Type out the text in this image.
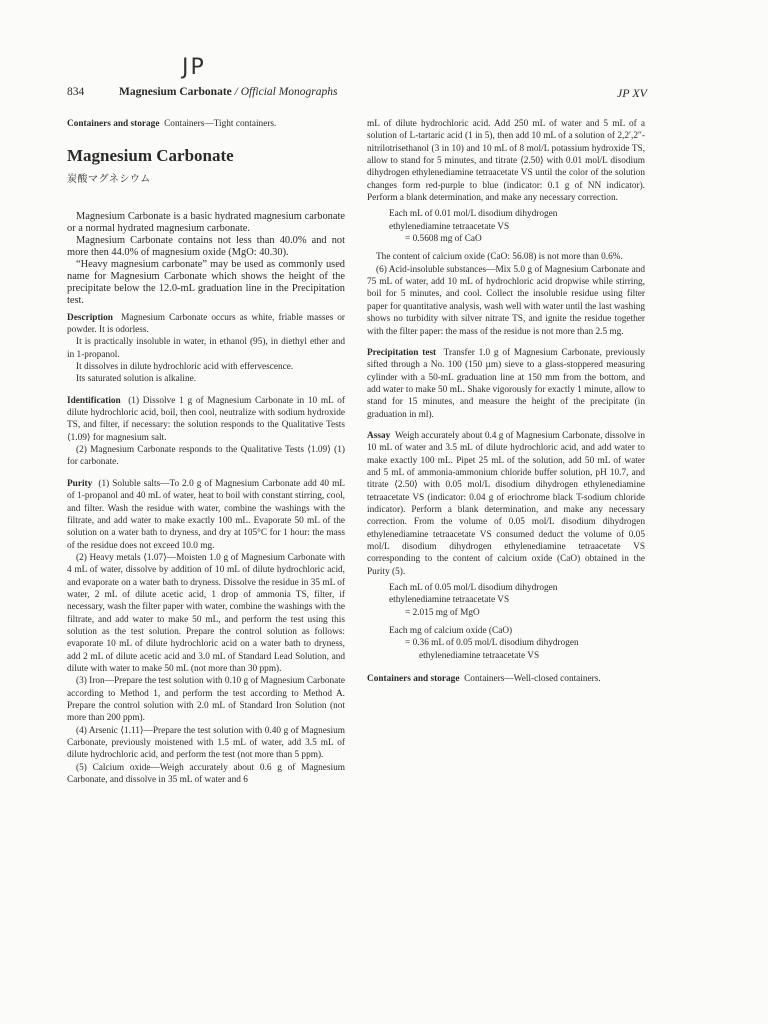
JP
834	Magnesium Carbonate / Official Monographs	JP XV

Containers and storage Containers—Tight containers.

Magnesium Carbonate
炭酸マグネシウム

Magnesium Carbonate is a basic hydrated magnesium carbonate or a normal hydrated magnesium carbonate.

Magnesium Carbonate contains not less than 40.0% and not more then 44.0% of magnesium oxide (MgO: 40.30).

“Heavy magnesium carbonate” may be used as commonly used name for Magnesium Carbonate which shows the height of the precipitate below the 12.0-mL graduation line in the Precipitation test.

Description Magnesium Carbonate occurs as white, friable masses or powder. It is odorless.

It is practically insoluble in water, in ethanol (95), in diethyl ether and in 1-propanol.

It dissolves in dilute hydrochloric acid with effervescence.

Its saturated solution is alkaline.

Identification (1) Dissolve 1 g of Magnesium Carbonate in 10 mL of dilute hydrochloric acid, boil, then cool, neutralize with sodium hydroxide TS, and filter, if necessary: the solution responds to the Qualitative Tests ⟨1.09⟩ for magnesium salt.

(2) Magnesium Carbonate responds to the Qualitative Tests ⟨1.09⟩ (1) for carbonate.

Purity (1) Soluble salts—To 2.0 g of Magnesium Carbonate add 40 mL of 1-propanol and 40 mL of water, heat to boil with constant stirring, cool, and filter. Wash the residue with water, combine the washings with the filtrate, and add water to make exactly 100 mL. Evaporate 50 mL of the solution on a water bath to dryness, and dry at 105°C for 1 hour: the mass of the residue does not exceed 10.0 mg.

(2) Heavy metals ⟨1.07⟩—Moisten 1.0 g of Magnesium Carbonate with 4 mL of water, dissolve by addition of 10 mL of dilute hydrochloric acid, and evaporate on a water bath to dryness. Dissolve the residue in 35 mL of water, 2 mL of dilute acetic acid, 1 drop of ammonia TS, filter, if necessary, wash the filter paper with water, combine the washings with the filtrate, and add water to make 50 mL, and perform the test using this solution as the test solution. Prepare the control solution as follows: evaporate 10 mL of dilute hydrochloric acid on a water bath to dryness, add 2 mL of dilute acetic acid and 3.0 mL of Standard Lead Solution, and dilute with water to make 50 mL (not more than 30 ppm).

(3) Iron—Prepare the test solution with 0.10 g of Magnesium Carbonate according to Method 1, and perform the test according to Method A. Prepare the control solution with 2.0 mL of Standard Iron Solution (not more than 200 ppm).

(4) Arsenic ⟨1.11⟩—Prepare the test solution with 0.40 g of Magnesium Carbonate, previously moistened with 1.5 mL of water, add 3.5 mL of dilute hydrochloric acid, and perform the test (not more than 5 ppm).

(5) Calcium oxide—Weigh accurately about 0.6 g of Magnesium Carbonate, and dissolve in 35 mL of water and 6

mL of dilute hydrochloric acid. Add 250 mL of water and 5 mL of a solution of L-tartaric acid (1 in 5), then add 10 mL of a solution of 2,2′,2″-nitrilotrisethanol (3 in 10) and 10 mL of 8 mol/L potassium hydroxide TS, allow to stand for 5 minutes, and titrate ⟨2.50⟩ with 0.01 mol/L disodium dihydrogen ethylenediamine tetraacetate VS until the color of the solution changes form red-purple to blue (indicator: 0.1 g of NN indicator). Perform a blank determination, and make any necessary correction.

Each mL of 0.01 mol/L disodium dihydrogen
ethylenediamine tetraacetate VS
= 0.5608 mg of CaO

The content of calcium oxide (CaO: 56.08) is not more than 0.6%.

(6) Acid-insoluble substances—Mix 5.0 g of Magnesium Carbonate and 75 mL of water, add 10 mL of hydrochloric acid dropwise while stirring, boil for 5 minutes, and cool. Collect the insoluble residue using filter paper for quantitative analysis, wash well with water until the last washing shows no turbidity with silver nitrate TS, and ignite the residue together with the filter paper: the mass of the residue is not more than 2.5 mg.

Precipitation test Transfer 1.0 g of Magnesium Carbonate, previously sifted through a No. 100 (150 µm) sieve to a glass-stoppered measuring cylinder with a 50-mL graduation line at 150 mm from the bottom, and add water to make 50 mL. Shake vigorously for exactly 1 minute, allow to stand for 15 minutes, and measure the height of the precipitate (in graduation in ml).

Assay Weigh accurately about 0.4 g of Magnesium Carbonate, dissolve in 10 mL of water and 3.5 mL of dilute hydrochloric acid, and add water to make exactly 100 mL. Pipet 25 mL of the solution, add 50 mL of water and 5 mL of ammonia-ammonium chloride buffer solution, pH 10.7, and titrate ⟨2.50⟩ with 0.05 mol/L disodium dihydrogen ethylenediamine tetraacetate VS (indicator: 0.04 g of eriochrome black T-sodium chloride indicator). Perform a blank determination, and make any necessary correction. From the volume of 0.05 mol/L disodium dihydrogen ethylenediamine tetraacetate VS consumed deduct the volume of 0.05 mol/L disodium dihydrogen ethylenediamine tetraacetate VS corresponding to the content of calcium oxide (CaO) obtained in the Purity (5).

Each mL of 0.05 mol/L disodium dihydrogen
ethylenediamine tetraacetate VS
= 2.015 mg of MgO
Each mg of calcium oxide (CaO)
= 0.36 mL of 0.05 mol/L disodium dihydrogen
ethylenediamine tetraacetate VS

Containers and storage Containers—Well-closed containers.
